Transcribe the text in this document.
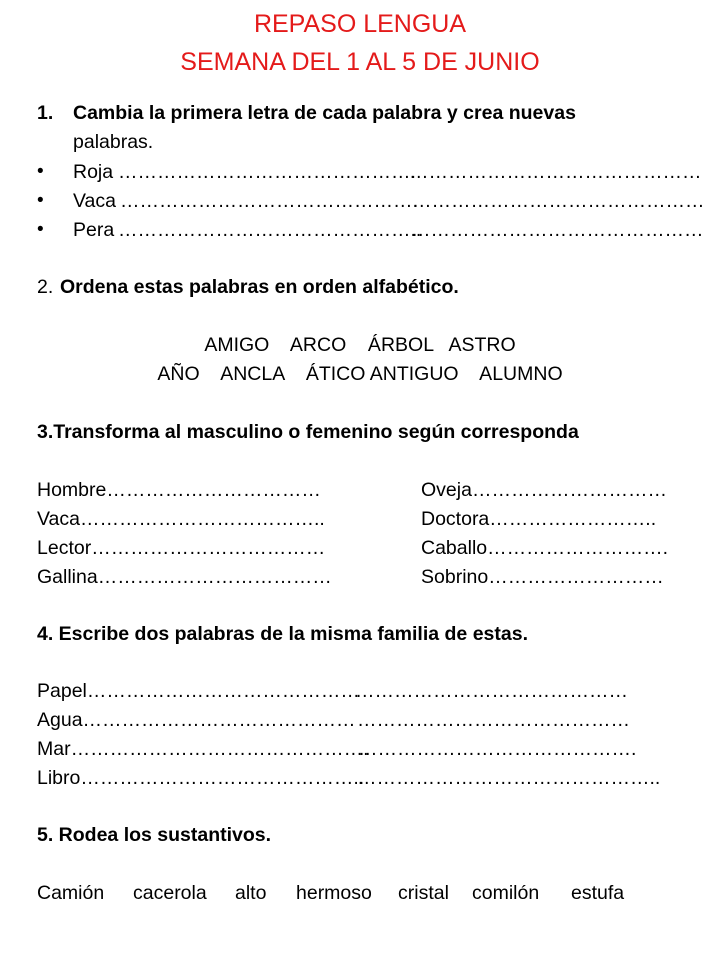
REPASO LENGUA
SEMANA DEL 1 AL 5 DE JUNIO
1. Cambia la primera letra de cada palabra y crea nuevas
palabras.
• Roja ……………………………………….
………………………………………
• Vaca ……………………………………….
………………………………………
• Pera ………………………………………..
………………………………………
2. Ordena estas palabras en orden alfabético.
AMIGO    ARCO    ÁRBOL   ASTRO
AÑO    ANCLA    ÁTICO ANTIGUO    ALUMNO
3.Transforma al masculino o femenino según corresponda
Hombre……………………………
Vaca………………………………..
Lector………………………………
Gallina………………………………
Oveja…………………………
Doctora……………………..
Caballo……………………….
Sobrino………………………
4. Escribe dos palabras de la misma familia de estas.
Papel……………………………………
……………………………………
Agua…………………………………… ……………………………………
Mar……………………………………….
…………………………………….
Libro……………………………………..
………………………………………..
5. Rodea los sustantivos.
Camión cacerola alto hermoso cristal comilón estufa
